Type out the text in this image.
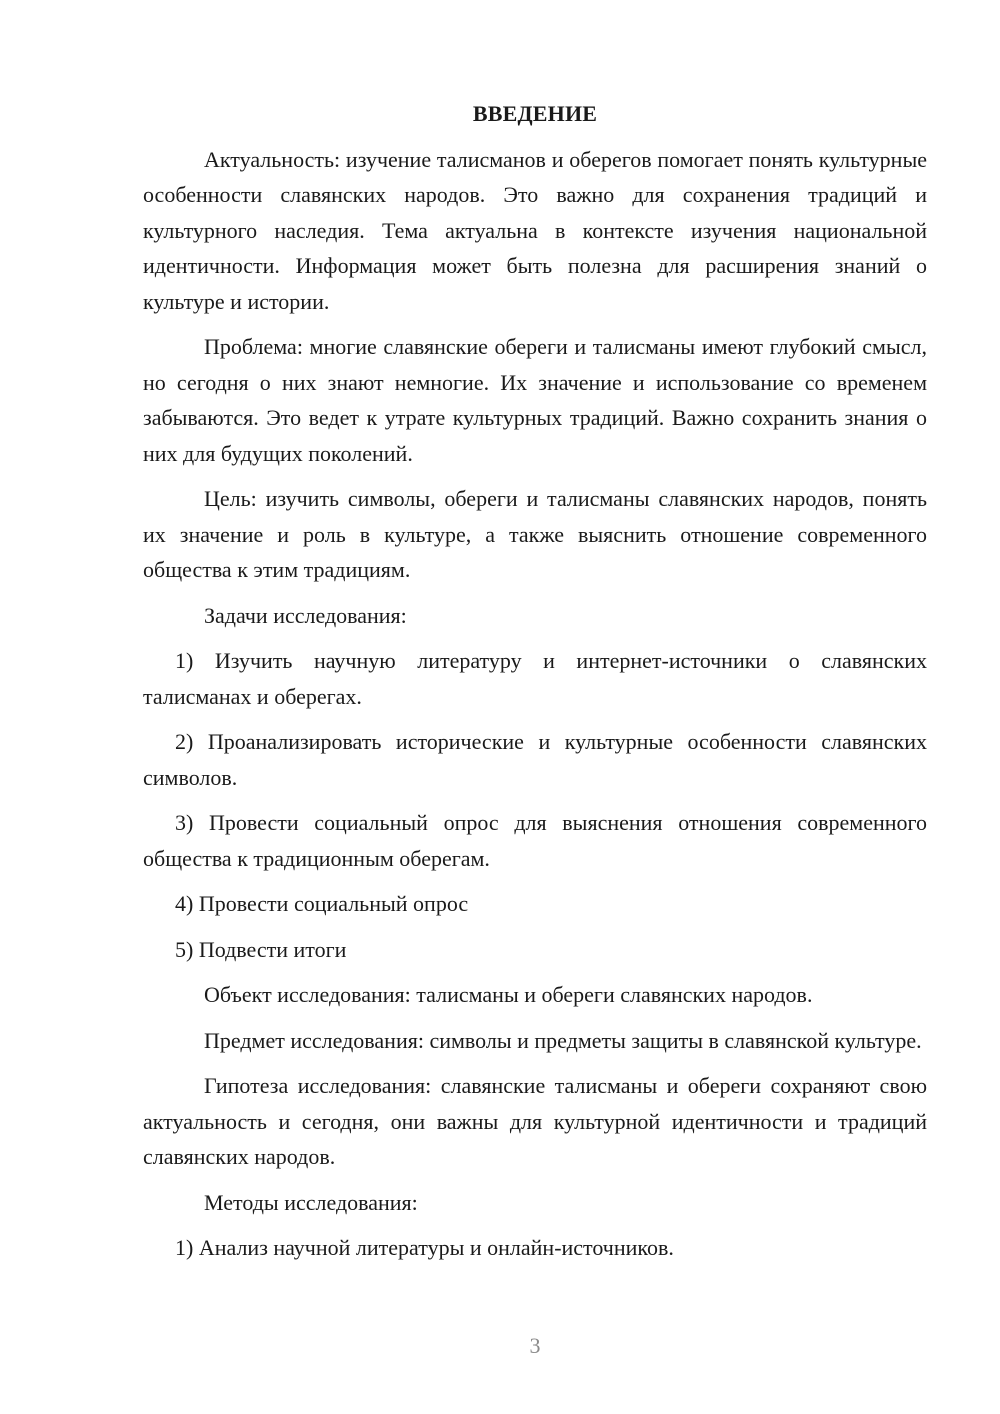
ВВЕДЕНИЕ

Актуальность: изучение талисманов и оберегов помогает понять культурные особенности славянских народов. Это важно для сохранения традиций и культурного наследия. Тема актуальна в контексте изучения национальной идентичности. Информация может быть полезна для расширения знаний о культуре и истории.

Проблема: многие славянские обереги и талисманы имеют глубокий смысл, но сегодня о них знают немногие. Их значение и использование со временем забываются. Это ведет к утрате культурных традиций. Важно сохранить знания о них для будущих поколений.

Цель: изучить символы, обереги и талисманы славянских народов, понять их значение и роль в культуре, а также выяснить отношение современного общества к этим традициям.

Задачи исследования:

1) Изучить научную литературу и интернет-источники о славянских талисманах и оберегах.

2) Проанализировать исторические и культурные особенности славянских символов.

3) Провести социальный опрос для выяснения отношения современного общества к традиционным оберегам.

4) Провести социальный опрос

5) Подвести итоги

Объект исследования: талисманы и обереги славянских народов.

Предмет исследования: символы и предметы защиты в славянской культуре.

Гипотеза исследования: славянские талисманы и обереги сохраняют свою актуальность и сегодня, они важны для культурной идентичности и традиций славянских народов.

Методы исследования:

1) Анализ научной литературы и онлайн-источников.

3
